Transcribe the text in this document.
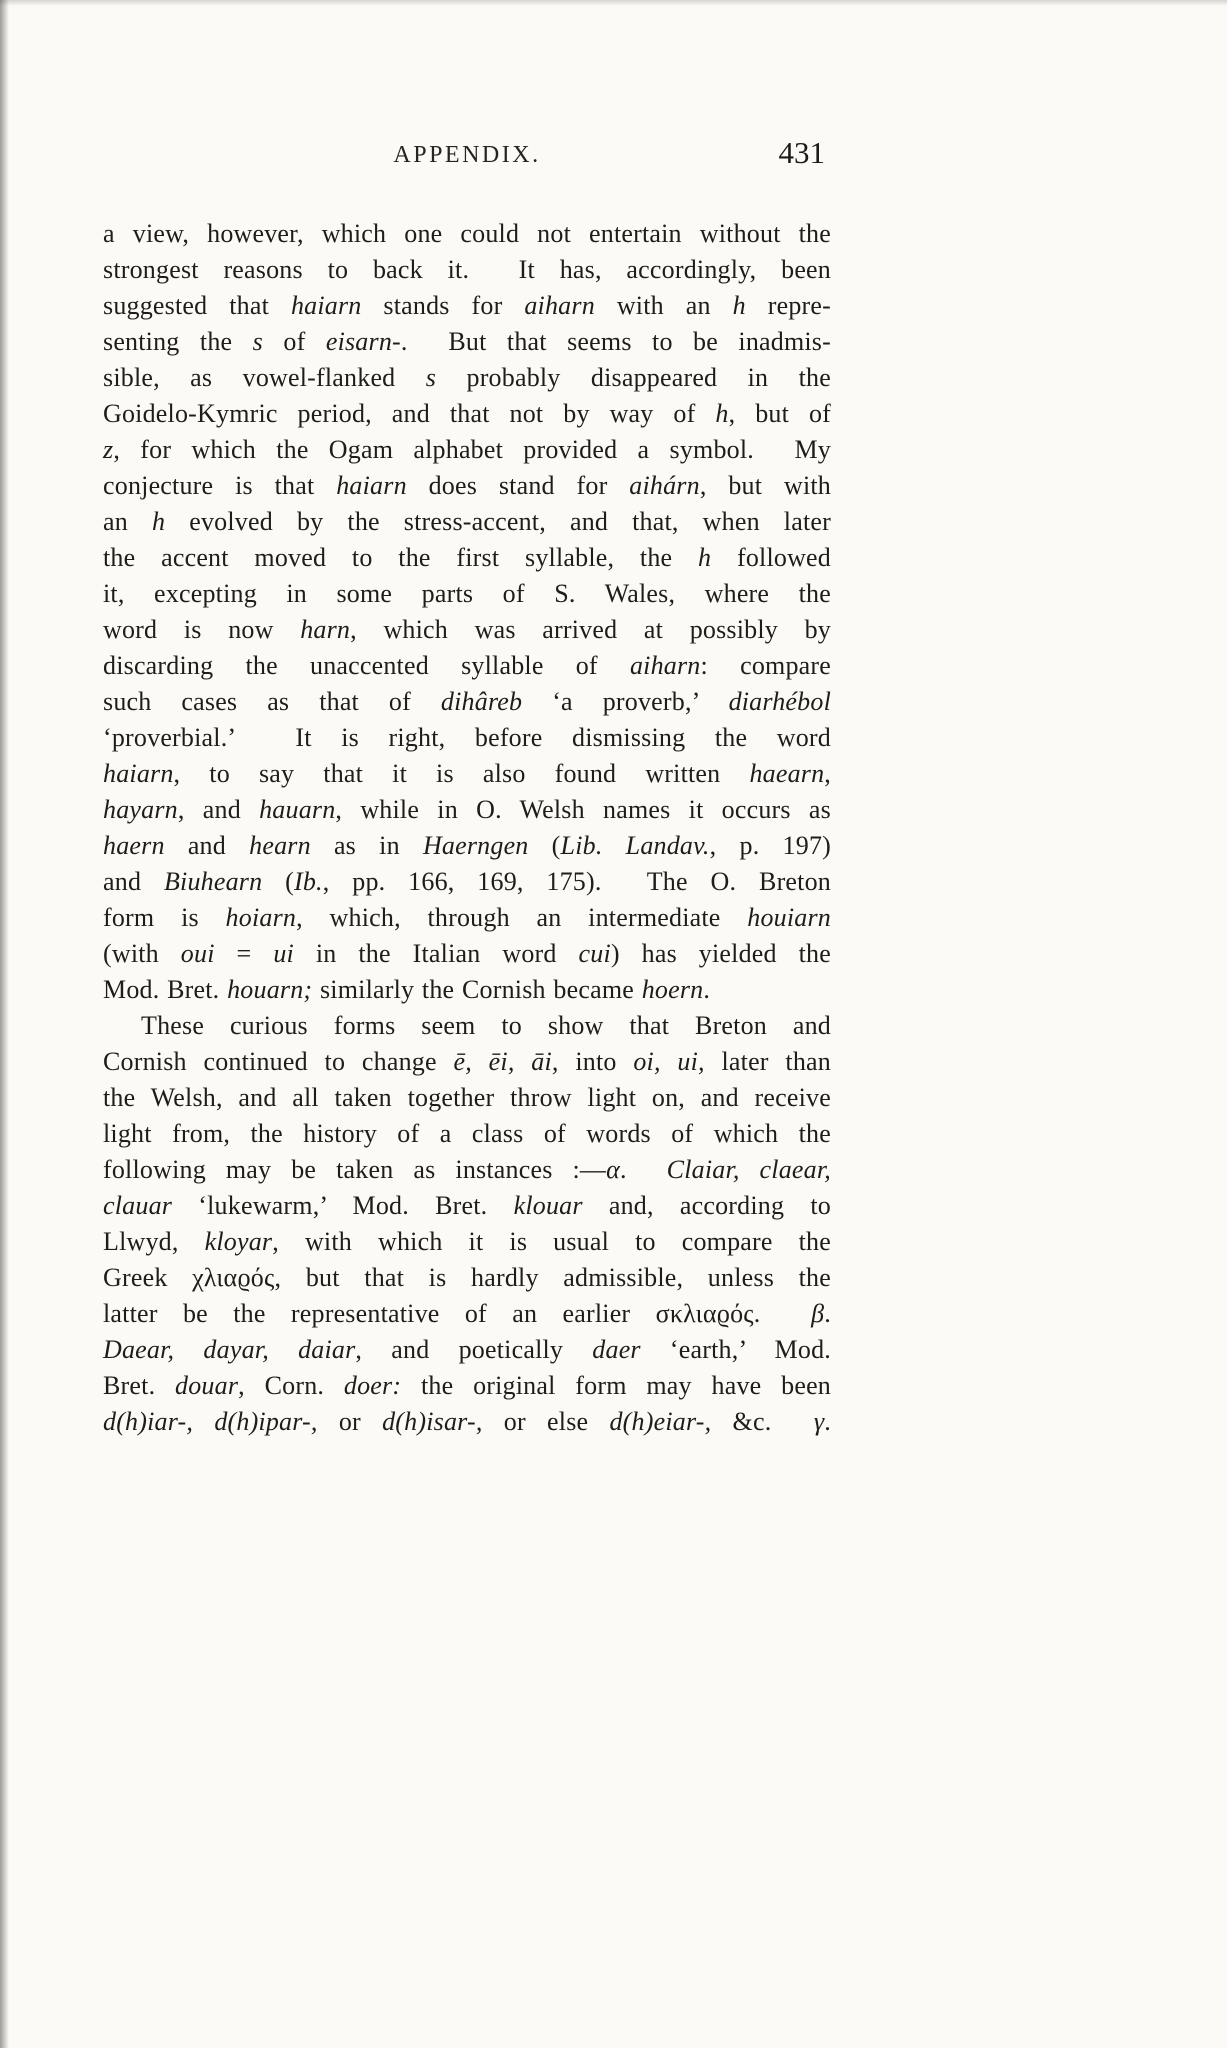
APPENDIX.	431
a view, however, which one could not entertain without the
strongest reasons to back it.  It has, accordingly, been
suggested that haiarn stands for aiharn with an h repre-
senting the s of eisarn-.  But that seems to be inadmis-
sible, as vowel-flanked s probably disappeared in the
Goidelo-Kymric period, and that not by way of h, but of
z, for which the Ogam alphabet provided a symbol.  My
conjecture is that haiarn does stand for aihárn, but with
an h evolved by the stress-accent, and that, when later
the accent moved to the first syllable, the h followed
it, excepting in some parts of S. Wales, where the
word is now harn, which was arrived at possibly by
discarding the unaccented syllable of aiharn: compare
such cases as that of dihâreb ‘a proverb,’ diarhébol
‘proverbial.’  It is right, before dismissing the word
haiarn, to say that it is also found written haearn,
hayarn, and hauarn, while in O. Welsh names it occurs as
haern and hearn as in Haerngen (Lib. Landav., p. 197)
and Biuhearn (Ib., pp. 166, 169, 175).  The O. Breton
form is hoiarn, which, through an intermediate houiarn
(with oui = ui in the Italian word cui) has yielded the
Mod. Bret. houarn; similarly the Cornish became hoern.
These curious forms seem to show that Breton and
Cornish continued to change ē, ēi, āi, into oi, ui, later than
the Welsh, and all taken together throw light on, and receive
light from, the history of a class of words of which the
following may be taken as instances :—α.  Claiar, claear,
clauar ‘lukewarm,’ Mod. Bret. klouar and, according to
Llwyd, kloyar, with which it is usual to compare the
Greek χλιαϱός, but that is hardly admissible, unless the
latter be the representative of an earlier σκλιαϱός.  β.
Daear, dayar, daiar, and poetically daer ‘earth,’ Mod.
Bret. douar, Corn. doer: the original form may have been
d(h)iar-, d(h)ipar-, or d(h)isar-, or else d(h)eiar-, &c.  γ.
